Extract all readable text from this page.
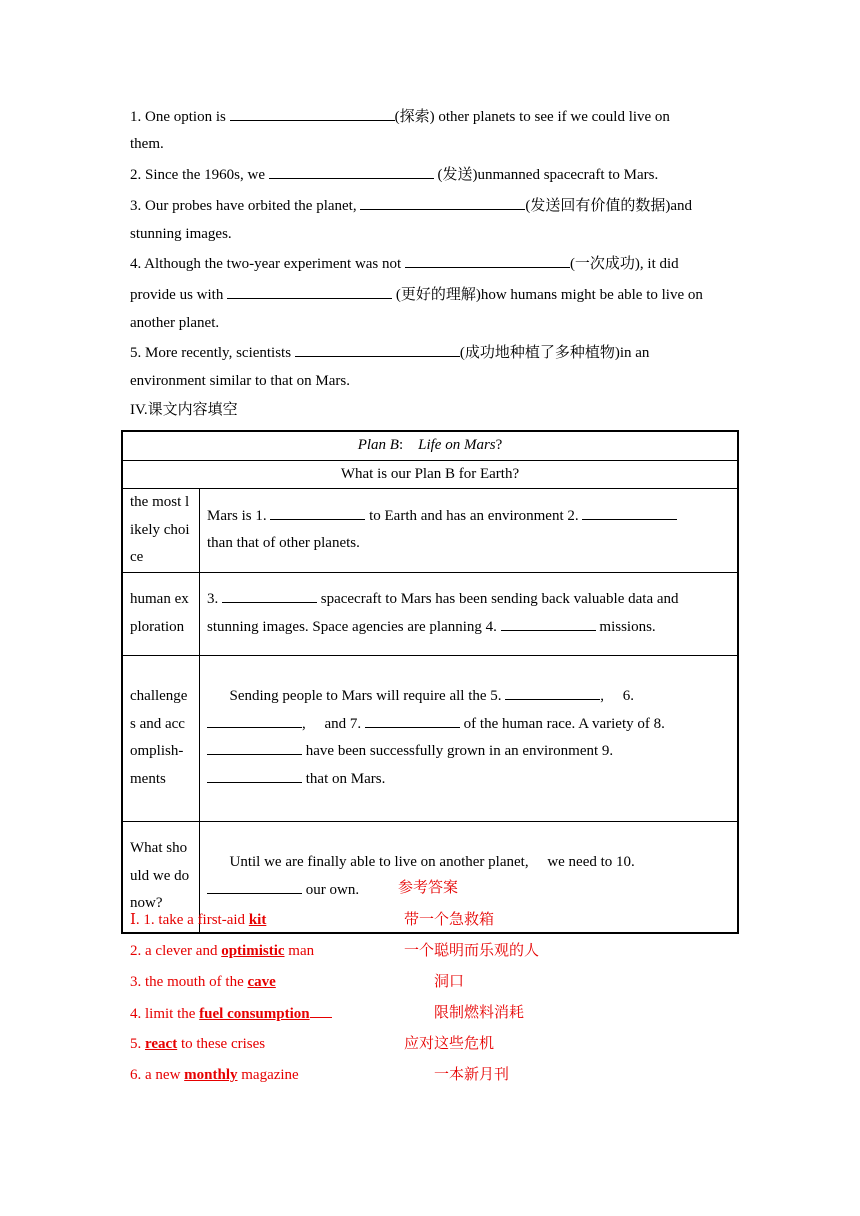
1. One option is	(探索) other planets to see if we could live on
them.
2. Since the 1960s, we	(发送)unmanned spacecraft to Mars.
3. Our probes have orbited the planet,	(发送回有价值的数据)and
stunning images.
4. Although the two-year experiment was not	(一次成功), it did
provide us with	(更好的理解)how humans might be able to live on
another planet.
5. More recently, scientists	(成功地种植了多种植物)in an
environment similar to that on Mars.
IV.课文内容填空
Plan B:    Life on Mars?	
What is our Plan B for Earth?	
the most likely choice	Mars is 1. to Earth and has an environment 2.
than that of other planets.
human exploration	3. spacecraft to Mars has been sending back valuable data and
stunning images. Space agencies are planning 4. missions.
challenges and accomplish-ments	Sending people to Mars will require all the 5. ,     6.
,     and 7. of the human race. A variety of 8.
have been successfully grown in an environment 9.
that on Mars.

What should we do now?	Until we are finally able to live on another planet,     we need to 10.
our own.
	参考答案
Ⅰ. 1. take a first-aid kit	带一个急救箱
2. a clever and optimistic man	一个聪明而乐观的人
3. the mouth of the cave	洞口
4. limit the fuel consumption	限制燃料消耗
5. react to these crises	应对这些危机
6. a new monthly magazine	一本新月刊
